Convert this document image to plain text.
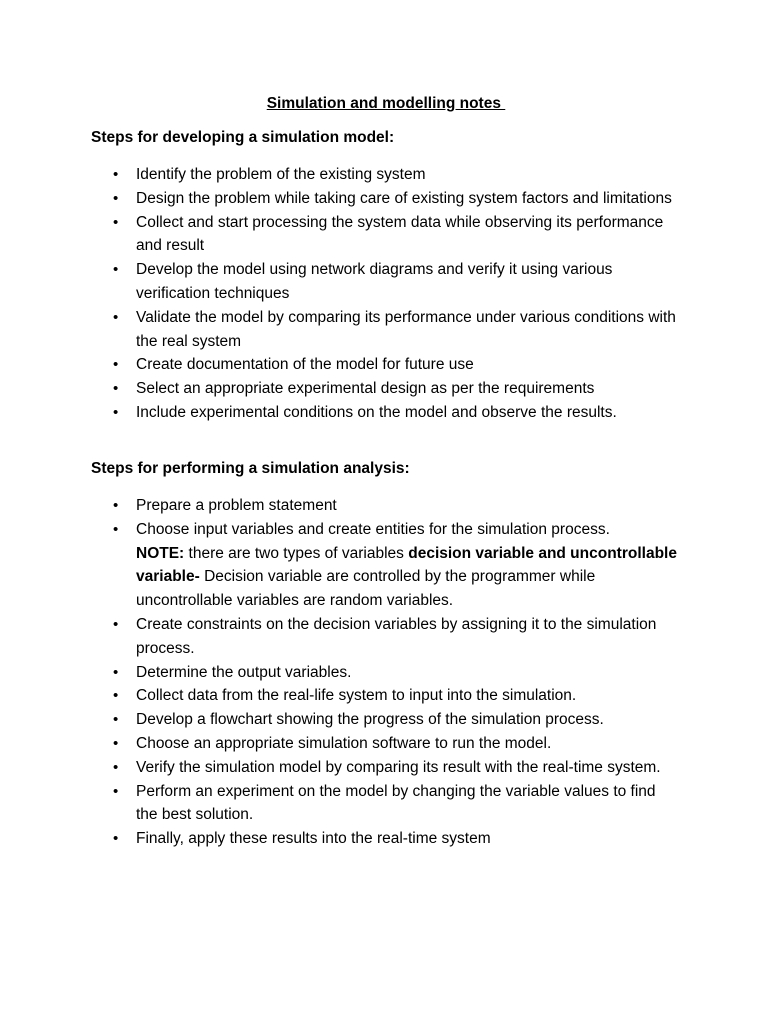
Simulation and modelling notes
Steps for developing a simulation model:
• Identify the problem of the existing system
• Design the problem while taking care of existing system factors and limitations
• Collect and start processing the system data while observing its performance and result
• Develop the model using network diagrams and verify it using various verification techniques
• Validate the model by comparing its performance under various conditions with the real system
• Create documentation of the model for future use
• Select an appropriate experimental design as per the requirements
• Include experimental conditions on the model and observe the results.
Steps for performing a simulation analysis:
• Prepare a problem statement
• Choose input variables and create entities for the simulation process.
NOTE: there are two types of variables decision variable and uncontrollable variable- Decision variable are controlled by the programmer while uncontrollable variables are random variables.
• Create constraints on the decision variables by assigning it to the simulation process.
• Determine the output variables.
• Collect data from the real-life system to input into the simulation.
• Develop a flowchart showing the progress of the simulation process.
• Choose an appropriate simulation software to run the model.
• Verify the simulation model by comparing its result with the real-time system.
• Perform an experiment on the model by changing the variable values to find the best solution.
• Finally, apply these results into the real-time system
